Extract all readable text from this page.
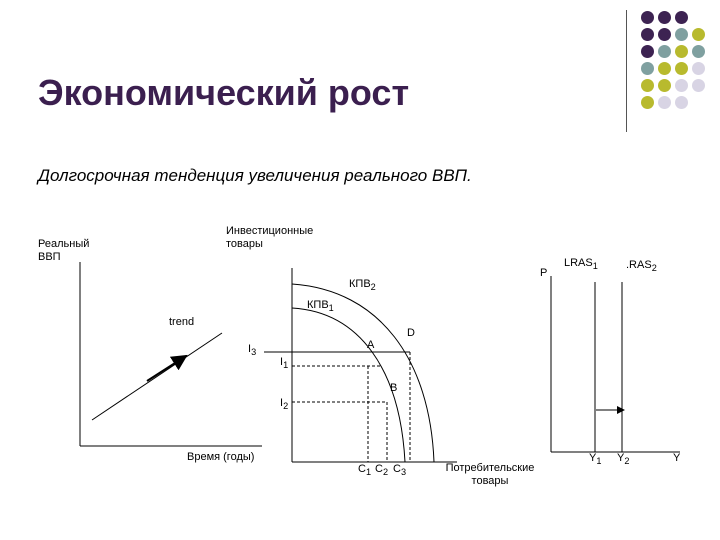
Экономический рост
Долгосрочная тенденция увеличения реального ВВП.
Реальный ВВП
trend
Время (годы)
Инвестиционные товары
$КПВ_2$
$КПВ_1$
$I_3$
$I_1$
$I_2$
A
D
B
$C_1$ $C_2$ $C_3$	Потребительские товары
P
$LRAS_1$	$.RAS_2$
$Y_1$ $Y_2$	Y
